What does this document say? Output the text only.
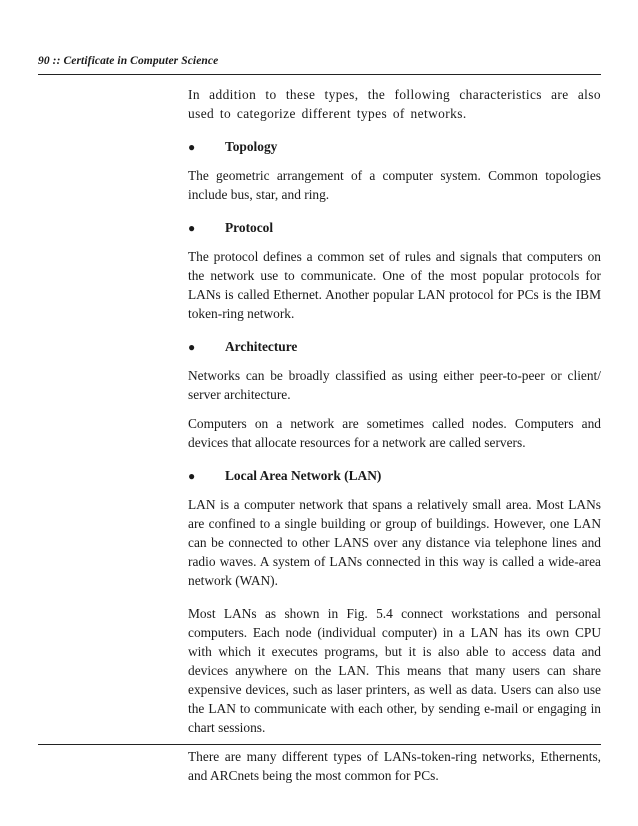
90 :: Certificate in Computer Science

In addition to these types, the following characteristics are also used to categorize different types of networks.

● Topology

The geometric arrangement of a computer system. Common topologies include bus, star, and ring.

● Protocol

The protocol defines a common set of rules and signals that computers on the network use to communicate. One of the most popular protocols for LANs is called Ethernet. Another popular LAN protocol for PCs is the IBM token-ring network.

● Architecture

Networks can be broadly classified as using either peer-to-peer or client/ server architecture.

Computers on a network are sometimes called nodes. Computers and devices that allocate resources for a network are called servers.

● Local Area Network (LAN)

LAN is a computer network that spans a relatively small area. Most LANs are confined to a single building or group of buildings. However, one LAN can be connected to other LANS over any distance via telephone lines and radio waves. A system of LANs connected in this way is called a wide-area network (WAN).

Most LANs as shown in Fig. 5.4 connect workstations and personal computers. Each node (individual computer) in a LAN has its own CPU with which it executes programs, but it is also able to access data and devices anywhere on the LAN. This means that many users can share expensive devices, such as laser printers, as well as data. Users can also use the LAN to communicate with each other, by sending e-mail or engaging in chart sessions.

There are many different types of LANs-token-ring networks, Ethernents, and ARCnets being the most common for PCs.
